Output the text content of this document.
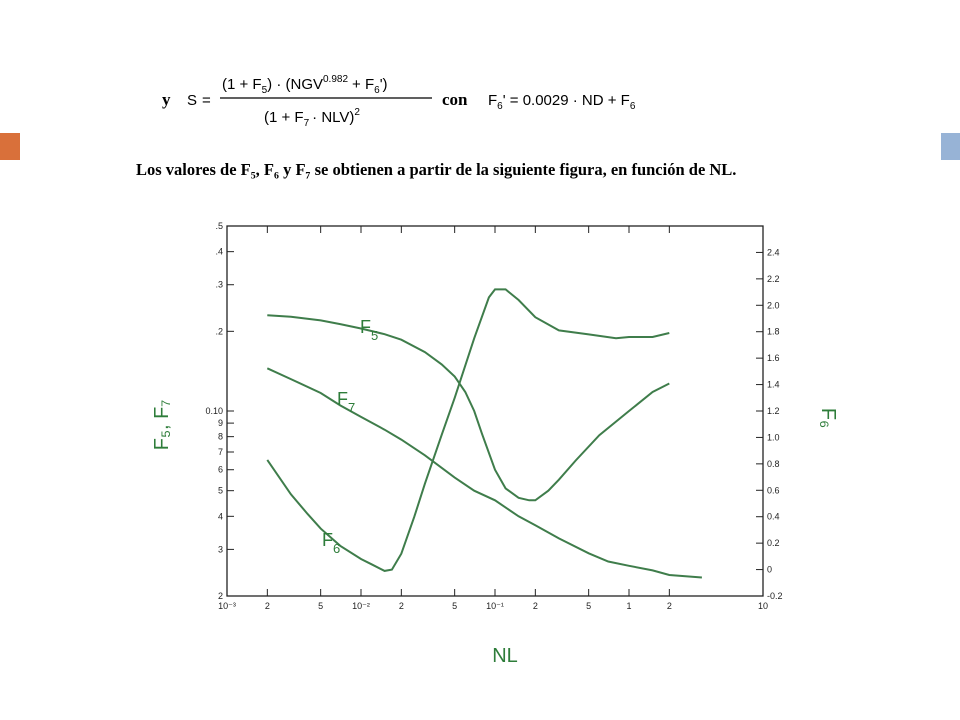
y S =
$(1 + F_5) \cdot (NGV^{0.982} + F_6')$
$(1 + F_7 \cdot NLV)^2$
con $F_6' = 0.0029$ · ND + $F_6$
Los valores de F₅, F₆ y F₇ se obtienen a partir de la siguiente figura, en función de NL.
10⁻³	2	5	10⁻²	2	5	10⁻¹	2	5	1	2	10
.5
.4
.3
.2
0.10
9
8
7
6
5
4
3
2
2.4
2.2
2.0
1.8
1.6
1.4
1.2
1.0
0.8
0.6
0.4
0.2
0
-0.2
$F_5$
$F_7$
$F_6$
NL
F₅, F₇	F₆
